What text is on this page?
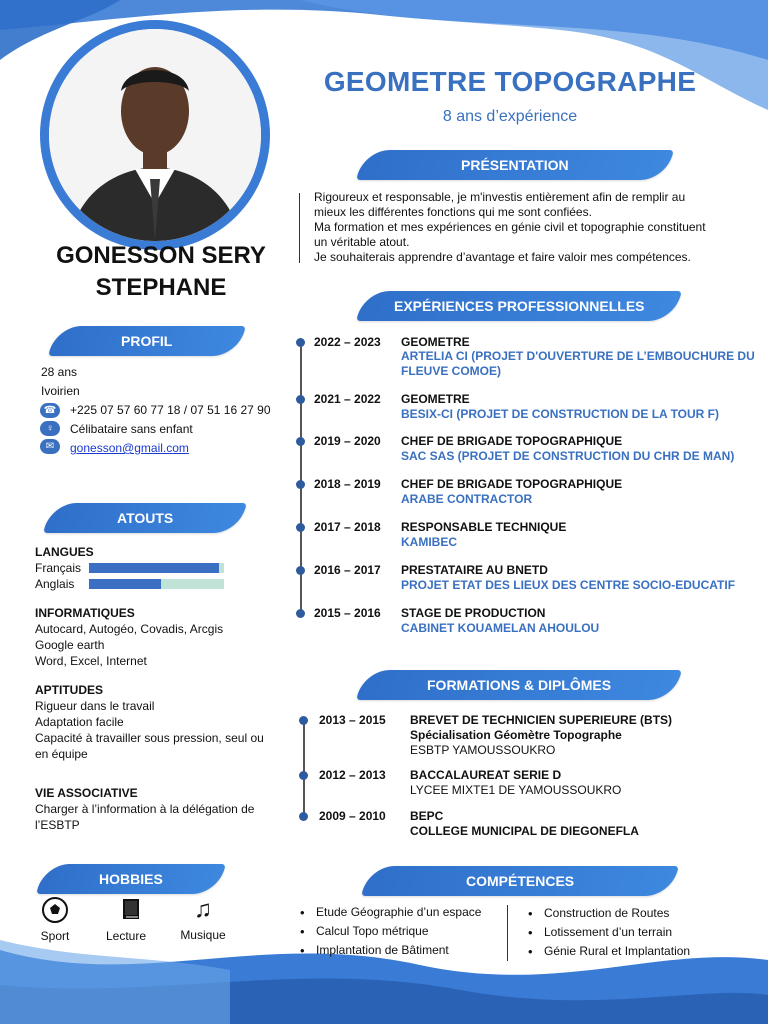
GONESSON SERY
STEPHANE
GEOMETRE TOPOGRAPHE
8 ans d’expérience
PRÉSENTATION
Rigoureux et responsable, je m'investis entièrement afin de remplir au
mieux les différentes fonctions qui me sont confiées.
Ma formation et mes expériences en génie civil et topographie constituent
un véritable atout.
Je souhaiterais apprendre d’avantage et faire valoir mes compétences.
EXPÉRIENCES PROFESSIONNELLES
2022 – 2023 GEOMETRE
ARTELIA CI (PROJET D'OUVERTURE DE L’EMBOUCHURE DU
FLEUVE COMOE)
2021 – 2022 GEOMETRE
BESIX-CI (PROJET DE CONSTRUCTION DE LA TOUR F)
2019 – 2020 CHEF DE BRIGADE TOPOGRAPHIQUE
SAC SAS (PROJET DE CONSTRUCTION DU CHR DE MAN)
2018 – 2019 CHEF DE BRIGADE TOPOGRAPHIQUE
ARABE CONTRACTOR
2017 – 2018 RESPONSABLE TECHNIQUE
KAMIBEC
2016 – 2017 PRESTATAIRE AU BNETD
PROJET ETAT DES LIEUX DES CENTRE SOCIO-EDUCATIF
2015 – 2016 STAGE DE PRODUCTION
CABINET KOUAMELAN AHOULOU
FORMATIONS & DIPLÔMES
2013 – 2015 BREVET DE TECHNICIEN SUPERIEURE (BTS)
Spécialisation Géomètre Topographe
ESBTP YAMOUSSOUKRO
2012 – 2013 BACCALAUREAT SERIE D
LYCEE MIXTE1 DE YAMOUSSOUKRO
2009 – 2010 BEPC
COLLEGE MUNICIPAL DE DIEGONEFLA
COMPÉTENCES
• Etude Géographie d’un espace
• Calcul Topo métrique
• Implantation de Bâtiment
• Construction de Routes
• Lotissement d’un terrain
• Génie Rural et Implantation
PROFIL
28 ans
Ivoirien
☎	+225 07 57 60 77 18 / 07 51 16 27 90
♀	Célibataire sans enfant
✉	gonesson@gmail.com
ATOUTS
LANGUES
Français
Anglais
INFORMATIQUES
Autocard, Autogéo, Covadis, Arcgis
Google earth
Word, Excel, Internet
APTITUDES
Rigueur dans le travail
Adaptation facile
Capacité à travailler sous pression, seul ou
en équipe
VIE ASSOCIATIVE
Charger à l’information à la délégation de
l’ESBTP
HOBBIES
Sport	Lecture
♫
Musique
